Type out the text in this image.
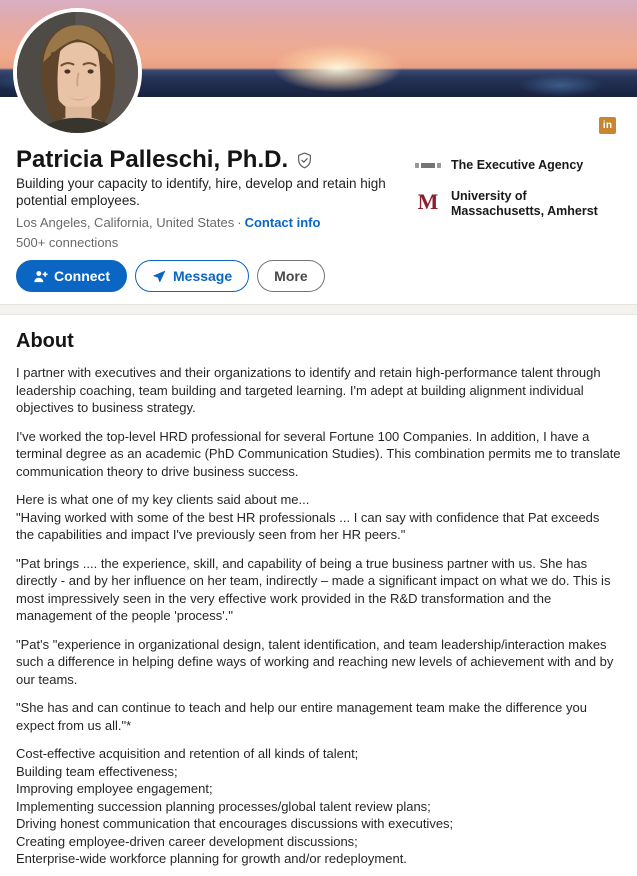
in
Patricia Palleschi, Ph.D.
Building your capacity to identify, hire, develop and retain high potential employees.
Los Angeles, California, United States · Contact info
500+ connections
Connect	Message	More
The Executive Agency
M University of Massachusetts, Amherst
About

I partner with executives and their organizations to identify and retain high-performance talent through leadership coaching, team building and targeted learning. I'm adept at building alignment individual objectives to business strategy.

I've worked the top-level HRD professional for several Fortune 100 Companies. In addition, I have a terminal degree as an academic (PhD Communication Studies). This combination permits me to translate communication theory to drive business success.

Here is what one of my key clients said about me...
"Having worked with some of the best HR professionals ... I can say with confidence that Pat exceeds the capabilities and impact I've previously seen from her HR peers."

"Pat brings .... the experience, skill, and capability of being a true business partner with us. She has directly - and by her influence on her team, indirectly – made a significant impact on what we do. This is most impressively seen in the very effective work provided in the R&D transformation and the management of the people 'process'."

"Pat's "experience in organizational design, talent identification, and team leadership/interaction makes such a difference in helping define ways of working and reaching new levels of achievement with and by our teams.

"She has and can continue to teach and help our entire management team make the difference you expect from us all."*

Cost-effective acquisition and retention of all kinds of talent;
Building team effectiveness;
Improving employee engagement;
Implementing succession planning processes/global talent review plans;
Driving honest communication that encourages discussions with executives;
Creating employee-driven career development discussions;
Enterprise-wide workforce planning for growth and/or redeployment.
